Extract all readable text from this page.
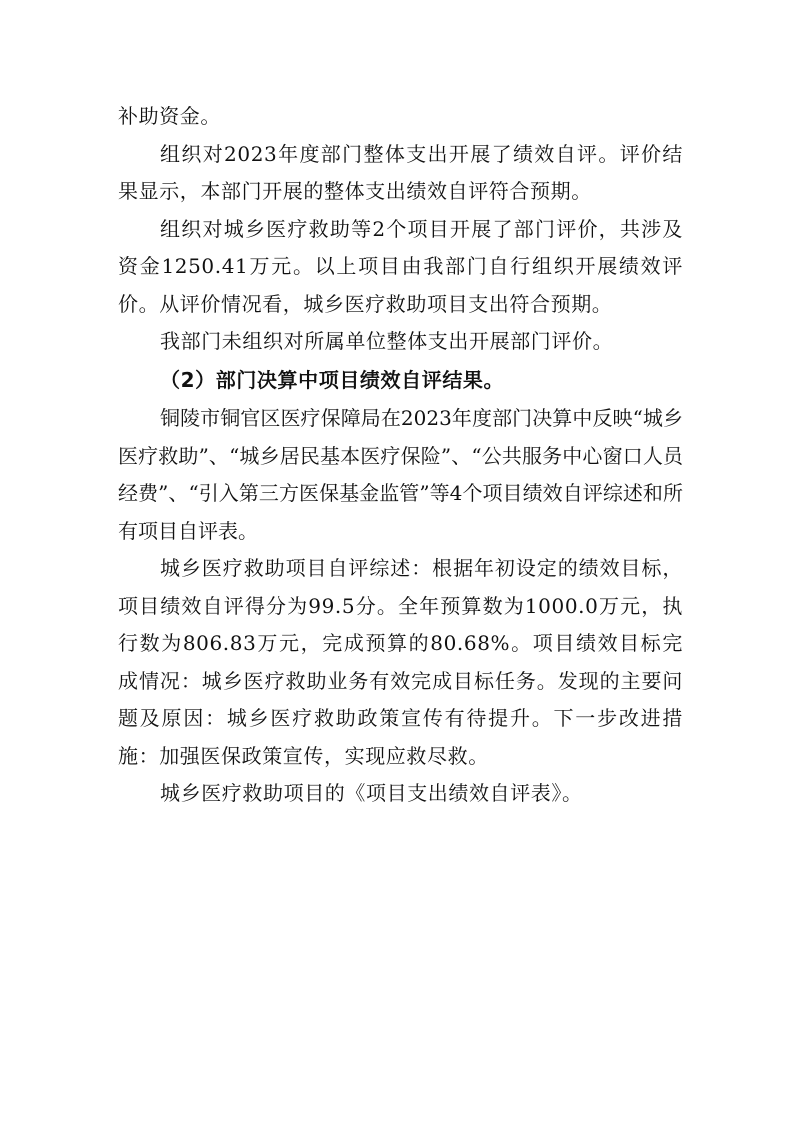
补助资金。

组织对2023年度部门整体支出开展了绩效自评。评价结果显示，本部门开展的整体支出绩效自评符合预期。

组织对城乡医疗救助等2个项目开展了部门评价，共涉及资金1250.41万元。以上项目由我部门自行组织开展绩效评价。从评价情况看，城乡医疗救助项目支出符合预期。

我部门未组织对所属单位整体支出开展部门评价。

（2）部门决算中项目绩效自评结果。

铜陵市铜官区医疗保障局在2023年度部门决算中反映“城乡医疗救助”、“城乡居民基本医疗保险”、“公共服务中心窗口人员经费”、“引入第三方医保基金监管”等4个项目绩效自评综述和所有项目自评表。

城乡医疗救助项目自评综述：根据年初设定的绩效目标，项目绩效自评得分为99.5分。全年预算数为1000.0万元，执行数为806.83万元，完成预算的80.68%。项目绩效目标完成情况：城乡医疗救助业务有效完成目标任务。发现的主要问题及原因：城乡医疗救助政策宣传有待提升。下一步改进措施：加强医保政策宣传，实现应救尽救。

城乡医疗救助项目的《项目支出绩效自评表》。
